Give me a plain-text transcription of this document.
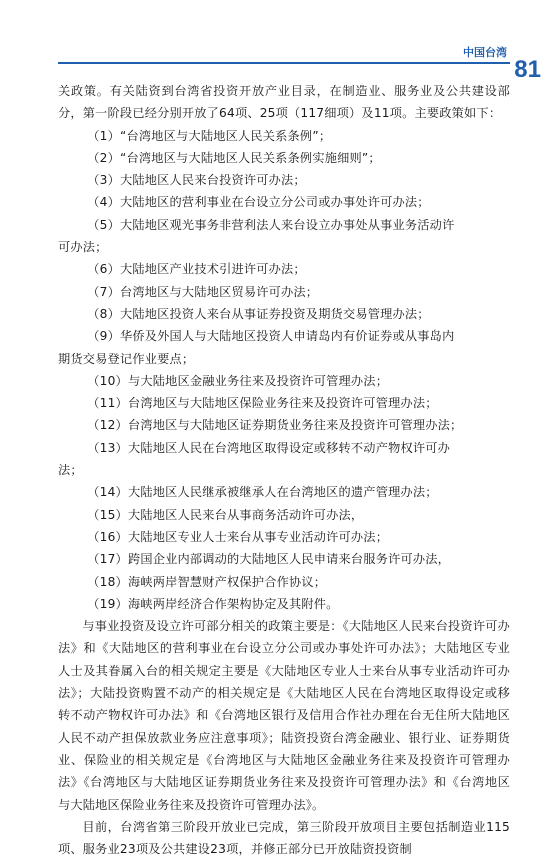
中国台湾
81

关政策。有关陆资到台湾省投资开放产业目录，在制造业、服务业及公共建设部分，第一阶段已经分别开放了64项、25项（117细项）及11项。主要政策如下：

（1）“台湾地区与大陆地区人民关系条例”；

（2）“台湾地区与大陆地区人民关系条例实施细则”；

（3）大陆地区人民来台投资许可办法；

（4）大陆地区的营利事业在台设立分公司或办事处许可办法；

（5）大陆地区观光事务非营利法人来台设立办事处从事业务活动许

可办法；

（6）大陆地区产业技术引进许可办法；

（7）台湾地区与大陆地区贸易许可办法；

（8）大陆地区投资人来台从事证券投资及期货交易管理办法；

（9）华侨及外国人与大陆地区投资人申请岛内有价证券或从事岛内

期货交易登记作业要点；

（10）与大陆地区金融业务往来及投资许可管理办法；

（11）台湾地区与大陆地区保险业务往来及投资许可管理办法；

（12）台湾地区与大陆地区证券期货业务往来及投资许可管理办法；

（13）大陆地区人民在台湾地区取得设定或移转不动产物权许可办

法；

（14）大陆地区人民继承被继承人在台湾地区的遗产管理办法；

（15）大陆地区人民来台从事商务活动许可办法，

（16）大陆地区专业人士来台从事专业活动许可办法；

（17）跨国企业内部调动的大陆地区人民申请来台服务许可办法，

（18）海峡两岸智慧财产权保护合作协议；

（19）海峡两岸经济合作架构协定及其附件。

与事业投资及设立许可部分相关的政策主要是：《大陆地区人民来台投资许可办法》和《大陆地区的营利事业在台设立分公司或办事处许可办法》；大陆地区专业人士及其眷属入台的相关规定主要是《大陆地区专业人士来台从事专业活动许可办法》；大陆投资购置不动产的相关规定是《大陆地区人民在台湾地区取得设定或移转不动产物权许可办法》和《台湾地区银行及信用合作社办理在台无住所大陆地区人民不动产担保放款业务应注意事项》；陆资投资台湾金融业、银行业、证券期货业、保险业的相关规定是《台湾地区与大陆地区金融业务往来及投资许可管理办法》《台湾地区与大陆地区证券期货业务往来及投资许可管理办法》和《台湾地区与大陆地区保险业务往来及投资许可管理办法》。

目前，台湾省第三阶段开放业已完成，第三阶段开放项目主要包括制造业115项、服务业23项及公共建设23项，并修正部分已开放陆资投资制
